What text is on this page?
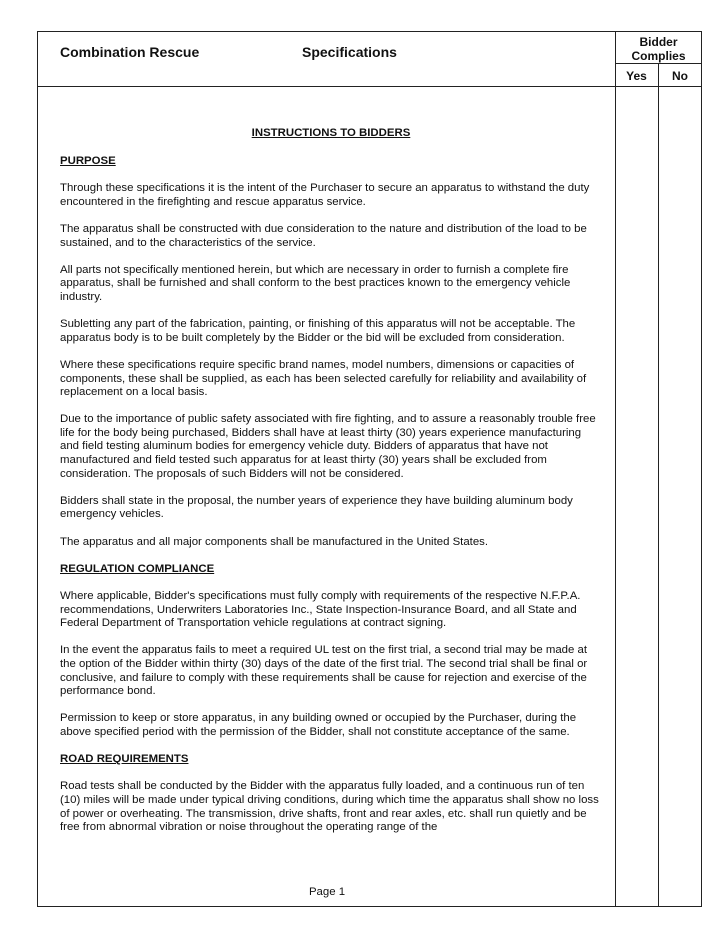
Combination Rescue	Specifications
Bidder
Complies
Yes	No

INSTRUCTIONS TO BIDDERS

PURPOSE

Through these specifications it is the intent of the Purchaser to secure an apparatus to withstand the duty encountered in the firefighting and rescue apparatus service.

The apparatus shall be constructed with due consideration to the nature and distribution of the load to be sustained, and to the characteristics of the service.

All parts not specifically mentioned herein, but which are necessary in order to furnish a complete fire apparatus, shall be furnished and shall conform to the best practices known to the emergency vehicle industry.

Subletting any part of the fabrication, painting, or finishing of this apparatus will not be acceptable. The apparatus body is to be built completely by the Bidder or the bid will be excluded from consideration.

Where these specifications require specific brand names, model numbers, dimensions or capacities of components, these shall be supplied, as each has been selected carefully for reliability and availability of replacement on a local basis.

Due to the importance of public safety associated with fire fighting, and to assure a reasonably trouble free life for the body being purchased, Bidders shall have at least thirty (30) years experience manufacturing and field testing aluminum bodies for emergency vehicle duty. Bidders of apparatus that have not manufactured and field tested such apparatus for at least thirty (30) years shall be excluded from consideration. The proposals of such Bidders will not be considered.

Bidders shall state in the proposal, the number years of experience they have building aluminum body emergency vehicles.

The apparatus and all major components shall be manufactured in the United States.

REGULATION COMPLIANCE

Where applicable, Bidder's specifications must fully comply with requirements of the respective N.F.P.A. recommendations, Underwriters Laboratories Inc., State Inspection-Insurance Board, and all State and Federal Department of Transportation vehicle regulations at contract signing.

In the event the apparatus fails to meet a required UL test on the first trial, a second trial may be made at the option of the Bidder within thirty (30) days of the date of the first trial. The second trial shall be final or conclusive, and failure to comply with these requirements shall be cause for rejection and exercise of the performance bond.

Permission to keep or store apparatus, in any building owned or occupied by the Purchaser, during the above specified period with the permission of the Bidder, shall not constitute acceptance of the same.

ROAD REQUIREMENTS

Road tests shall be conducted by the Bidder with the apparatus fully loaded, and a continuous run of ten (10) miles will be made under typical driving conditions, during which time the apparatus shall show no loss of power or overheating. The transmission, drive shafts, front and rear axles, etc. shall run quietly and be free from abnormal vibration or noise throughout the operating range of the

Page 1
